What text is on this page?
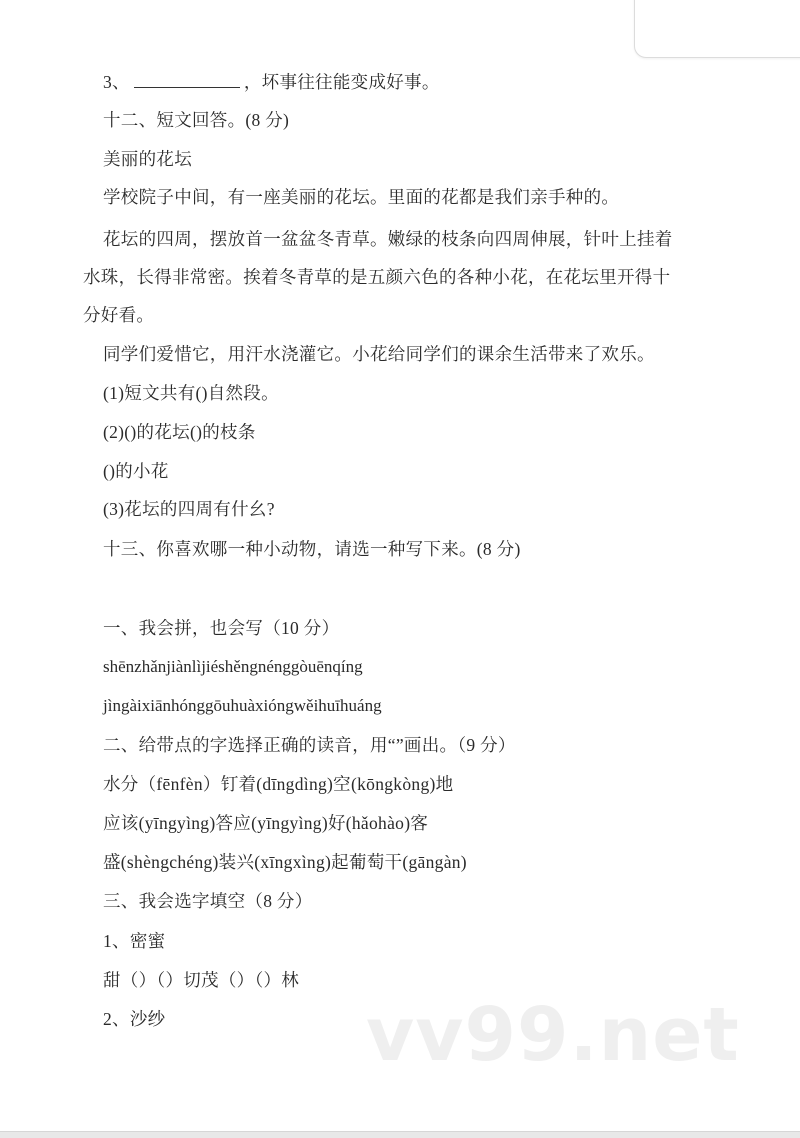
3、	，坏事往往能变成好事。
十二、短文回答。(8 分)
美丽的花坛
学校院子中间，有一座美丽的花坛。里面的花都是我们亲手种的。
花坛的四周，摆放首一盆盆冬青草。嫩绿的枝条向四周伸展，针叶上挂着
水珠，长得非常密。挨着冬青草的是五颜六色的各种小花，在花坛里开得十
分好看。
同学们爱惜它，用汗水浇灌它。小花给同学们的课余生活带来了欢乐。
(1)短文共有()自然段。
(2)()的花坛()的枝条
()的小花
(3)花坛的四周有什幺?
十三、你喜欢哪一种小动物，请选一种写下来。(8 分)
一、我会拼，也会写（10 分）
shēnzhǎnjiànlìjiéshěngnénggòuēnqíng
jìngàixiānhónggōuhuàxióngwěihuīhuáng
二、给带点的字选择正确的读音，用“”画出。（9 分）
水分（fēnfèn）钉着(dīngdìng)空(kōngkòng)地
应该(yīngyìng)答应(yīngyìng)好(hǎohào)客
盛(shèngchéng)装兴(xīngxìng)起葡萄干(gāngàn)
三、我会选字填空（8 分）
1、密蜜
甜（）（）切茂（）（）林
2、沙纱	vv99.net
